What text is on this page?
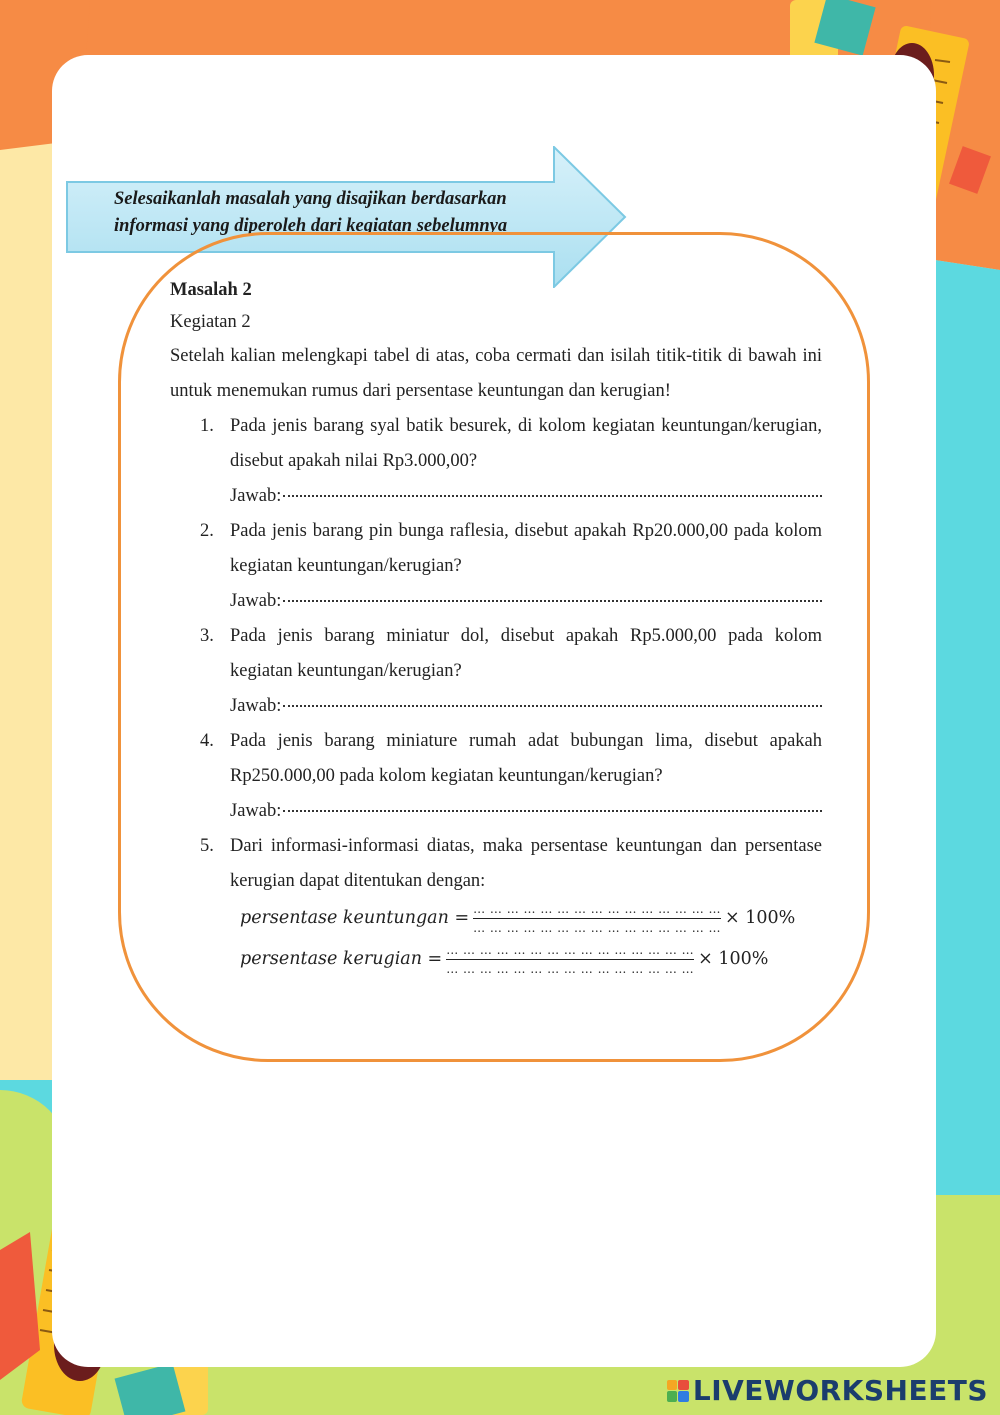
Selesaikanlah masalah yang disajikan berdasarkan
informasi yang diperoleh dari kegiatan sebelumnya

Masalah 2

Kegiatan 2

Setelah kalian melengkapi tabel di atas, coba cermati dan isilah titik-titik di bawah ini untuk menemukan rumus dari persentase keuntungan dan kerugian!

1. Pada jenis barang syal batik besurek, di kolom kegiatan keuntungan/kerugian, disebut apakah nilai Rp3.000,00?
Jawab:
2. Pada jenis barang pin bunga raflesia, disebut apakah Rp20.000,00 pada kolom kegiatan keuntungan/kerugian?
Jawab:
3. Pada jenis barang miniatur dol, disebut apakah Rp5.000,00 pada kolom kegiatan keuntungan/kerugian?
Jawab:
4. Pada jenis barang miniature rumah adat bubungan lima, disebut apakah Rp250.000,00 pada kolom kegiatan keuntungan/kerugian?
Jawab:
5. Dari informasi-informasi diatas, maka persentase keuntungan dan persentase kerugian dapat ditentukan dengan:
persentase keuntungan = $\frac{\dots \dots \dots \dots \dots \dots \dots \dots \dots \dots \dots \dots \dots \dots \dots}{\dots \dots \dots \dots \dots \dots \dots \dots \dots \dots \dots \dots \dots \dots \dots} \times 100\%$
persentase kerugian = $\frac{\dots \dots \dots \dots \dots \dots \dots \dots \dots \dots \dots \dots \dots \dots \dots}{\dots \dots \dots \dots \dots \dots \dots \dots \dots \dots \dots \dots \dots \dots \dots} \times 100\%$
LIVEWORKSHEETS
